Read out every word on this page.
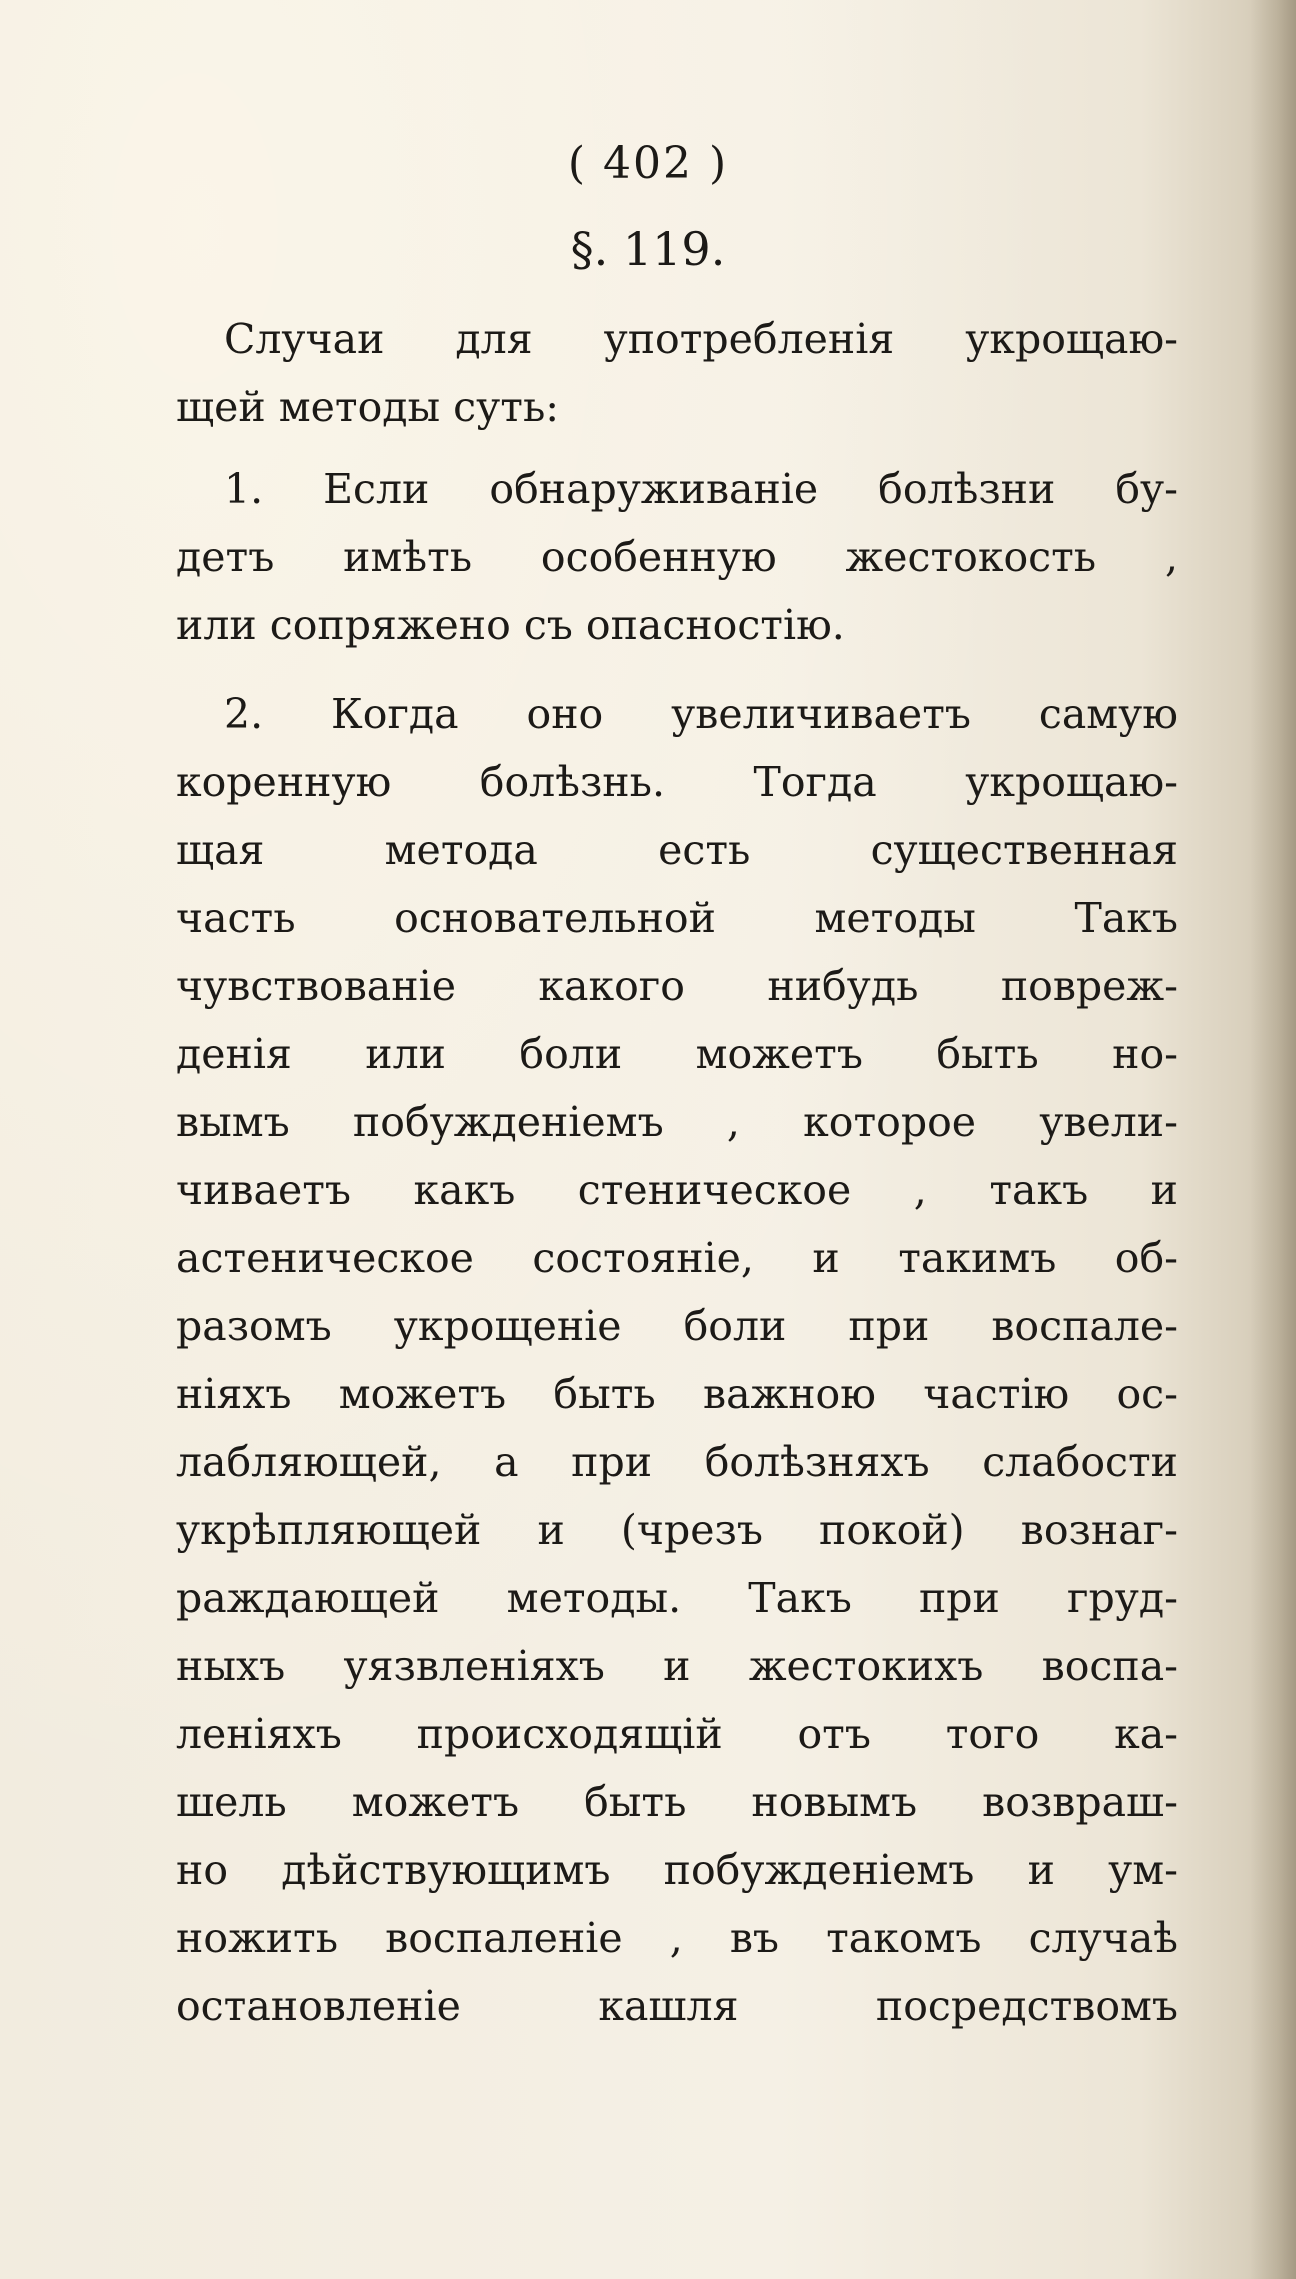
( 402 )
§. 119.
Случаи для употребленія укрощаю-
щей методы суть:
1. Если обнаруживаніе болѣзни бу-
детъ имѣть особенную жестокость ,
или сопряжено съ опасностію.
2. Когда оно увеличиваетъ самую
коренную болѣзнь. Тогда укрощаю-
щая метода есть существенная
часть основательной методы Такъ
чувствованіе какого нибудь повреж-
денія или боли можетъ быть но-
вымъ побужденіемъ , которое увели-
чиваетъ какъ стеническое , такъ и
астеническое состояніе, и такимъ об-
разомъ укрощеніе боли при воспале-
ніяхъ можетъ быть важною частію ос-
лабляющей, а при болѣзняхъ слабости
укрѣпляющей и (чрезъ покой) вознаг-
раждающей методы. Такъ при груд-
ныхъ уязвленіяхъ и жестокихъ воспа-
леніяхъ происходящій отъ того ка-
шель можетъ быть новымъ возвраш-
но дѣйствующимъ побужденіемъ и ум-
ножить воспаленіе , въ такомъ случаѣ
остановленіе кашля посредствомъ
